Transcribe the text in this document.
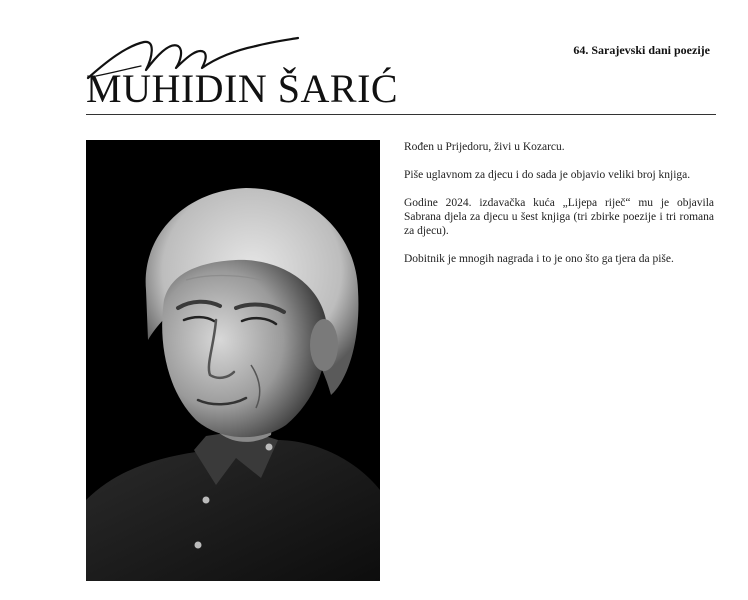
MUHIDIN ŠARIĆ
64. Sarajevski dani poezije

Rođen u Prijedoru, živi u Kozarcu.

Piše uglavnom za djecu i do sada je objavio veliki broj knjiga.

Godine 2024. izdavačka kuća „Lijepa riječ“ mu je objavila Sabrana djela za djecu u šest knjiga (tri zbirke poezije i tri romana za djecu).

Dobitnik je mnogih nagrada i to je ono što ga tjera da piše.
